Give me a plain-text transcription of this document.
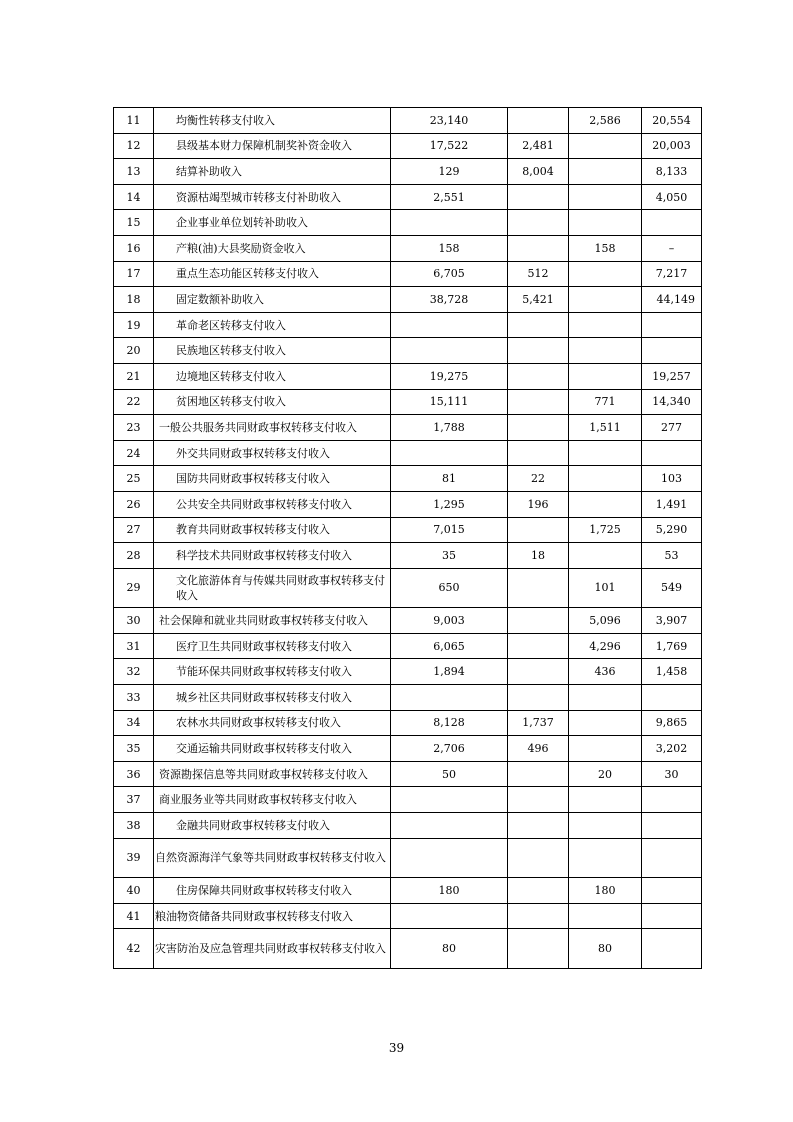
11	均衡性转移支付收入	23,140		2,586	20,554
12	县级基本财力保障机制奖补资金收入	17,522	2,481		20,003
13	结算补助收入	129	8,004		8,133
14	资源枯竭型城市转移支付补助收入	2,551			4,050
15	企业事业单位划转补助收入				
16	产粮(油)大县奖励资金收入	158		158	–
17	重点生态功能区转移支付收入	6,705	512		7,217
18	固定数额补助收入	38,728	5,421		44,149
19	革命老区转移支付收入				
20	民族地区转移支付收入				
21	边境地区转移支付收入	19,275			19,257
22	贫困地区转移支付收入	15,111		771	14,340
23	一般公共服务共同财政事权转移支付收入	1,788		1,511	277
24	外交共同财政事权转移支付收入				
25	国防共同财政事权转移支付收入	81	22		103
26	公共安全共同财政事权转移支付收入	1,295	196		1,491
27	教育共同财政事权转移支付收入	7,015		1,725	5,290
28	科学技术共同财政事权转移支付收入	35	18		53
29	文化旅游体育与传媒共同财政事权转移支付收入	650		101	549
30	社会保障和就业共同财政事权转移支付收入	9,003		5,096	3,907
31	医疗卫生共同财政事权转移支付收入	6,065		4,296	1,769
32	节能环保共同财政事权转移支付收入	1,894		436	1,458
33	城乡社区共同财政事权转移支付收入				
34	农林水共同财政事权转移支付收入	8,128	1,737		9,865
35	交通运输共同财政事权转移支付收入	2,706	496		3,202
36	资源勘探信息等共同财政事权转移支付收入	50		20	30
37	商业服务业等共同财政事权转移支付收入				
38	金融共同财政事权转移支付收入				
39	自然资源海洋气象等共同财政事权转移支付收入				
40	住房保障共同财政事权转移支付收入	180		180	
41	粮油物资储备共同财政事权转移支付收入				
42	灾害防治及应急管理共同财政事权转移支付收入	80		80	
39
